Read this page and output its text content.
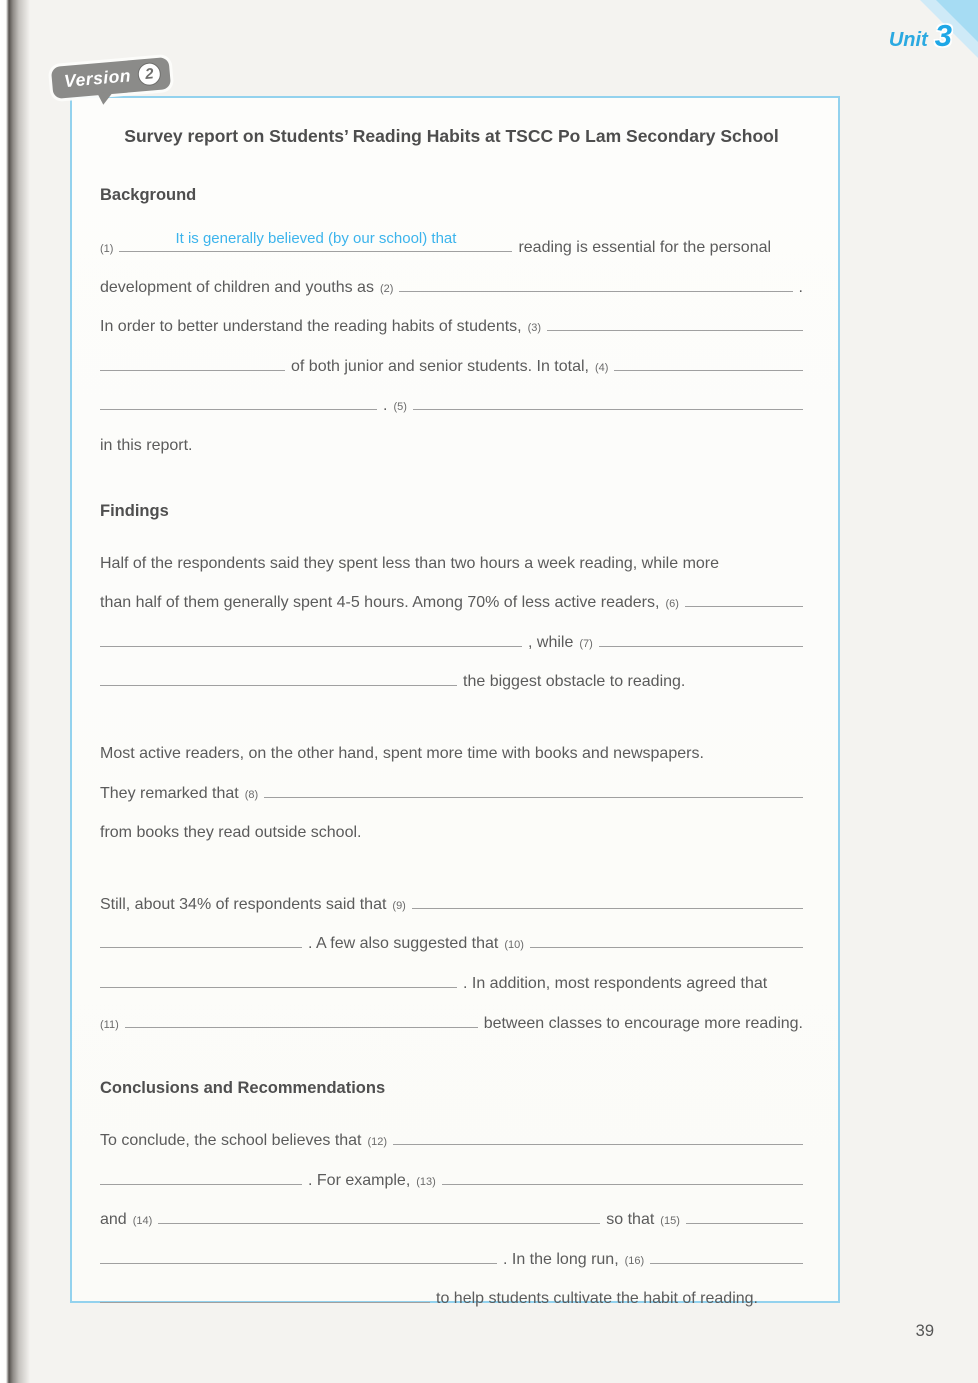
Unit 3
Version 2
Survey report on Students’ Reading Habits at TSCC Po Lam Secondary School
Background
(1)
It is generally believed (by our school) that
reading is essential for the personal
development of children and youths as (2)	.
In order to better understand the reading habits of students, (3)
of both junior and senior students. In total, (4)
. (5)
in this report.
Findings
Half of the respondents said they spent less than two hours a week reading, while more
than half of them generally spent 4-5 hours. Among 70% of less active readers, (6)
, while (7)
the biggest obstacle to reading.
Most active readers, on the other hand, spent more time with books and newspapers.
They remarked that (8)
from books they read outside school.
Still, about 34% of respondents said that (9)
. A few also suggested that (10)
. In addition, most respondents agreed that
(11)	between classes to encourage more reading.
Conclusions and Recommendations
To conclude, the school believes that (12)
. For example, (13)
and (14)	so that (15)
. In the long run, (16)
to help students cultivate the habit of reading.
39
